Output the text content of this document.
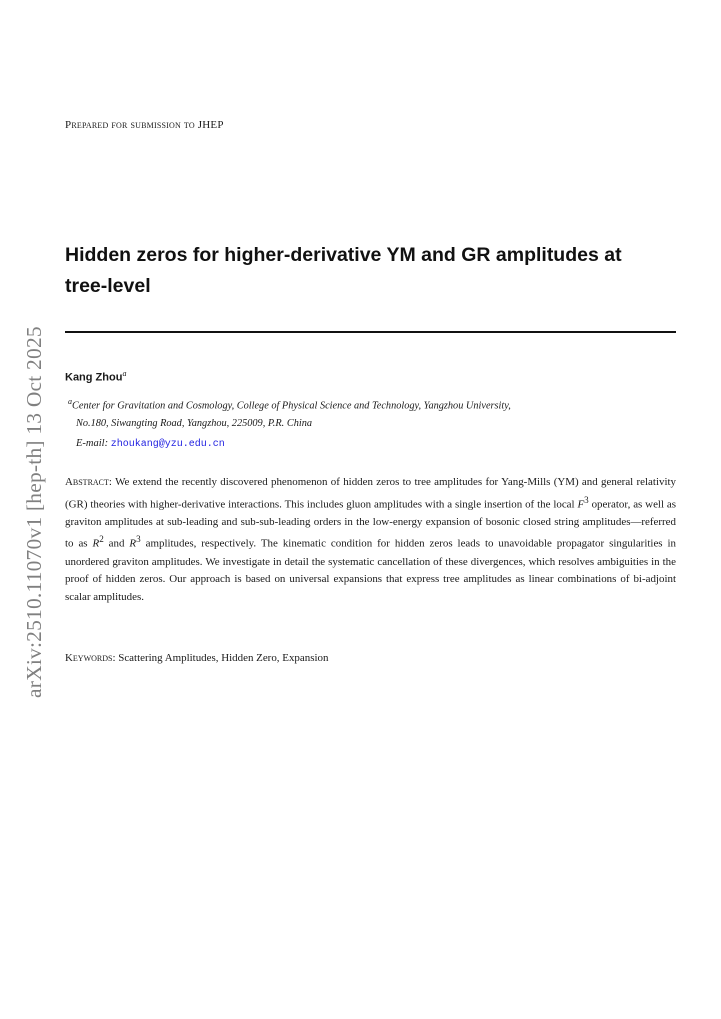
Prepared for submission to JHEP
Hidden zeros for higher-derivative YM and GR amplitudes at tree-level
Kang Zhou$^a$
$^a$Center for Gravitation and Cosmology, College of Physical Science and Technology, Yangzhou University,
No.180, Siwangting Road, Yangzhou, 225009, P.R. China
E-mail: zhoukang@yzu.edu.cn
Abstract: We extend the recently discovered phenomenon of hidden zeros to tree amplitudes for Yang-Mills (YM) and general relativity (GR) theories with higher-derivative interactions. This includes gluon amplitudes with a single insertion of the local $F^3$ operator, as well as graviton amplitudes at sub-leading and sub-sub-leading orders in the low-energy expansion of bosonic closed string amplitudes—referred to as $R^2$ and $R^3$ amplitudes, respectively. The kinematic condition for hidden zeros leads to unavoidable propagator singularities in unordered graviton amplitudes. We investigate in detail the systematic cancellation of these divergences, which resolves ambiguities in the proof of hidden zeros. Our approach is based on universal expansions that express tree amplitudes as linear combinations of bi-adjoint scalar amplitudes.
Keywords: Scattering Amplitudes, Hidden Zero, Expansion
arXiv:2510.11070v1 [hep-th] 13 Oct 2025
